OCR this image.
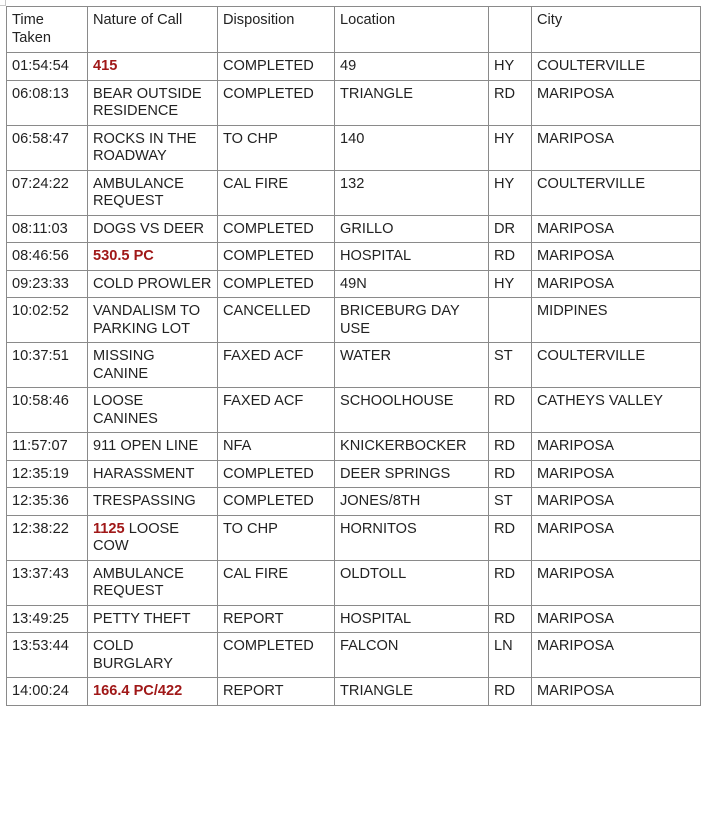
Time Taken	Nature of Call	Disposition	Location		City
01:54:54	415	COMPLETED	49	HY	COULTERVILLE
06:08:13	BEAR OUTSIDE RESIDENCE	COMPLETED	TRIANGLE	RD	MARIPOSA
06:58:47	ROCKS IN THE ROADWAY	TO CHP	140	HY	MARIPOSA
07:24:22	AMBULANCE REQUEST	CAL FIRE	132	HY	COULTERVILLE
08:11:03	DOGS VS DEER	COMPLETED	GRILLO	DR	MARIPOSA
08:46:56	530.5 PC	COMPLETED	HOSPITAL	RD	MARIPOSA
09:23:33	COLD PROWLER	COMPLETED	49N	HY	MARIPOSA
10:02:52	VANDALISM TO PARKING LOT	CANCELLED	BRICEBURG DAY USE		MIDPINES
10:37:51	MISSING CANINE	FAXED ACF	WATER	ST	COULTERVILLE
10:58:46	LOOSE CANINES	FAXED ACF	SCHOOLHOUSE	RD	CATHEYS VALLEY
11:57:07	911 OPEN LINE	NFA	KNICKERBOCKER	RD	MARIPOSA
12:35:19	HARASSMENT	COMPLETED	DEER SPRINGS	RD	MARIPOSA
12:35:36	TRESPASSING	COMPLETED	JONES/8TH	ST	MARIPOSA
12:38:22	1125 LOOSE COW	TO CHP	HORNITOS	RD	MARIPOSA
13:37:43	AMBULANCE REQUEST	CAL FIRE	OLDTOLL	RD	MARIPOSA
13:49:25	PETTY THEFT	REPORT	HOSPITAL	RD	MARIPOSA
13:53:44	COLD BURGLARY	COMPLETED	FALCON	LN	MARIPOSA
14:00:24	166.4 PC/422	REPORT	TRIANGLE	RD	MARIPOSA
